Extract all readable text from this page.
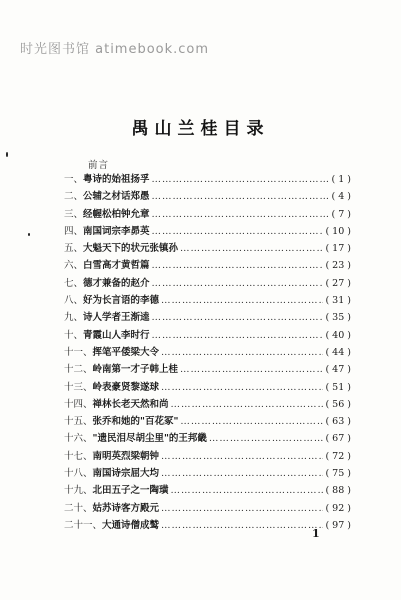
时光图书馆 atimebook.com
禺山兰桂目录
前言
一、 粤诗的始祖扬孚 ……………………………………………………………………………………………………………	( 1 )
二、 公辅之材话郑愚 ……………………………………………………………………………………………………………	( 4 )
三、 经幄松柏钟允章 ……………………………………………………………………………………………………………	( 7 )
四、 南国词宗李昴英 ……………………………………………………………………………………………………………	( 10 )
五、 大魁天下的状元张镇孙 ……………………………………………………………………………………………………………	( 17 )
六、 白雪高才黄哲篇 ……………………………………………………………………………………………………………	( 23 )
七、 德才兼备的赵介 ……………………………………………………………………………………………………………	( 27 )
八、 好为长言语的李德 ……………………………………………………………………………………………………………	( 31 )
九、 诗人学者王渐逵 ……………………………………………………………………………………………………………	( 35 )
十、 青霞山人李时行 ……………………………………………………………………………………………………………	( 40 )
十一、 挥笔平倭梁大令 ……………………………………………………………………………………………………………	( 44 )
十二、 岭南第一才子韩上桂 ……………………………………………………………………………………………………………	( 47 )
十三、 岭表豪贤黎遂球 ……………………………………………………………………………………………………………	( 51 )
十四、 禅林长老天然和尚 ……………………………………………………………………………………………………………	( 56 )
十五、 张乔和她的"百花冢" ……………………………………………………………………………………………………………	( 63 )
十六、 "遗民泪尽胡尘里"的王邦畿 ……………………………………………………………………………………………………………	( 67 )
十七、 南明英烈梁朝钟 ……………………………………………………………………………………………………………	( 72 )
十八、 南国诗宗屈大均 ……………………………………………………………………………………………………………	( 75 )
十九、 北田五子之一陶璜 ……………………………………………………………………………………………………………	( 88 )
二十、 姑苏诗客方殿元 ……………………………………………………………………………………………………………	( 92 )
二十一、 大通诗僧成鹫 ……………………………………………………………………………………………………………	( 97 )
1
